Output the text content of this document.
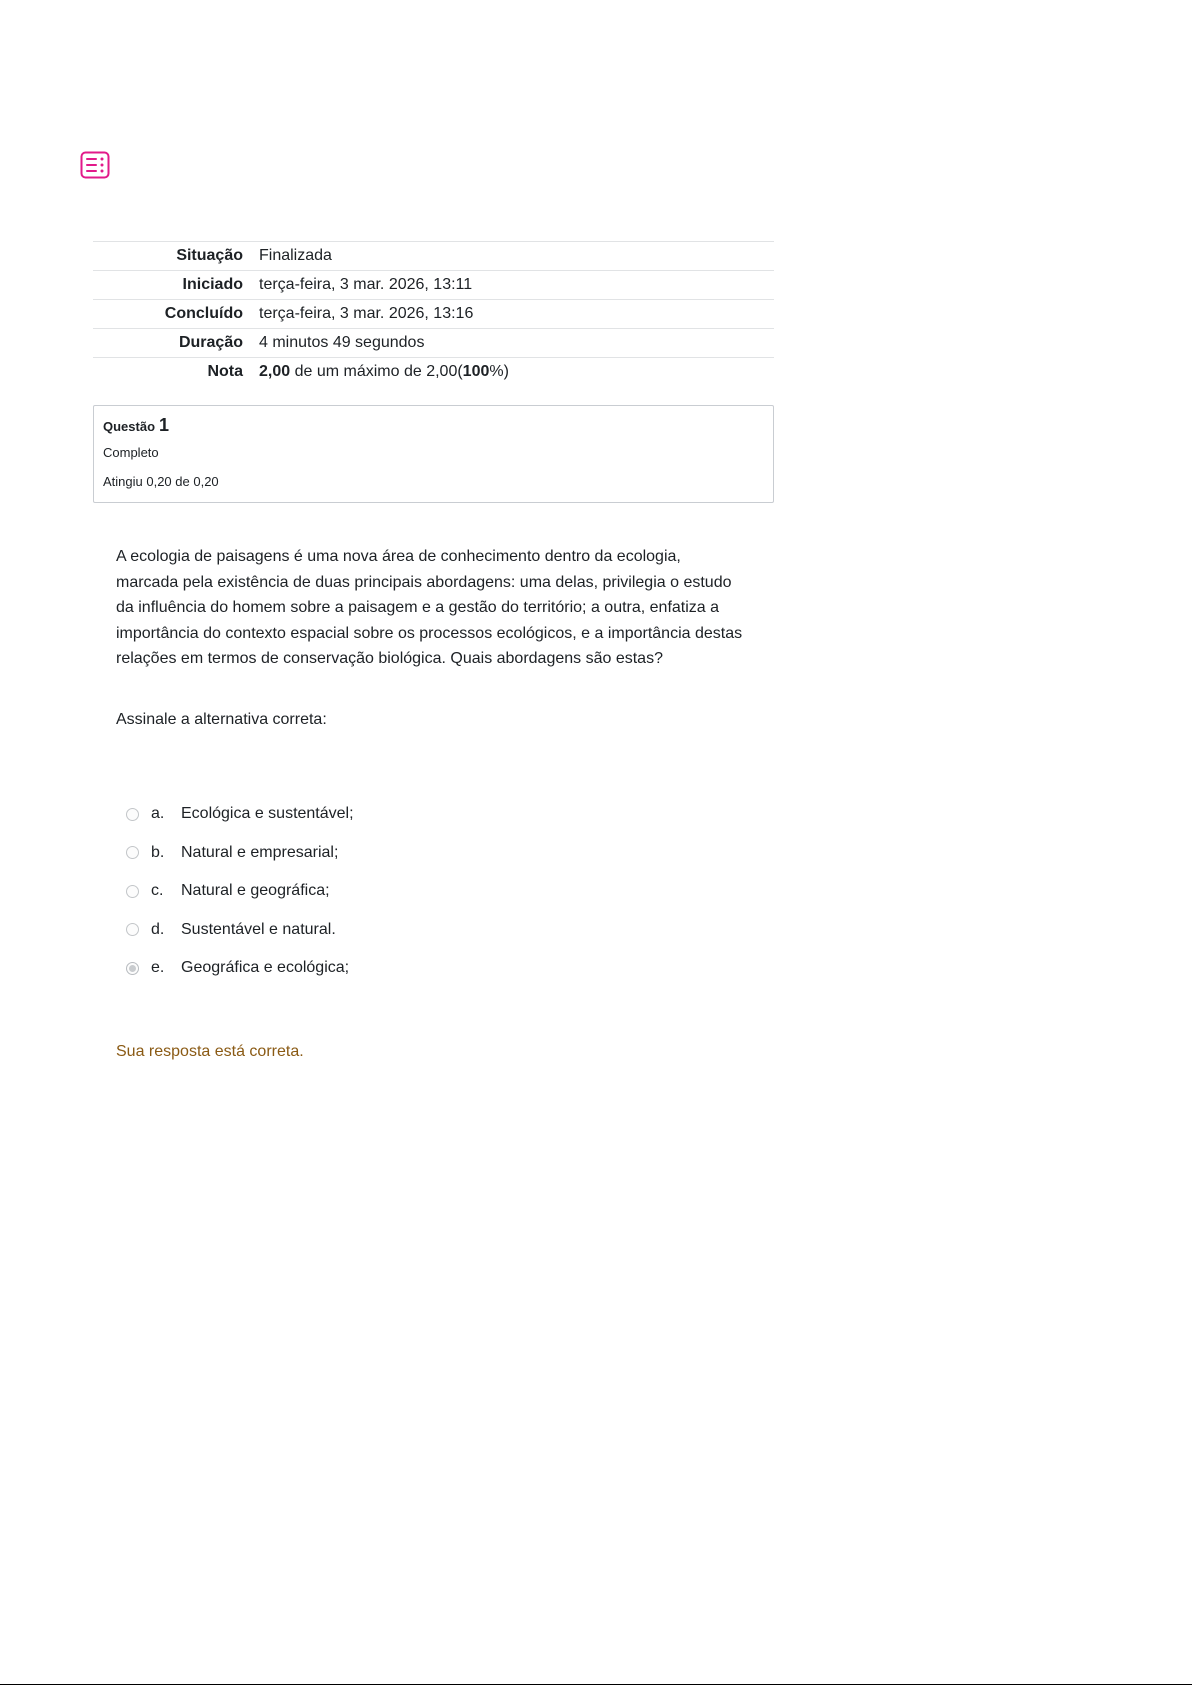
Situação	Finalizada
Iniciado	terça-feira, 3 mar. 2026, 13:11
Concluído	terça-feira, 3 mar. 2026, 13:16
Duração	4 minutos 49 segundos
Nota	2,00 de um máximo de 2,00(100%)
Questão 1
Completo
Atingiu 0,20 de 0,20

A ecologia de paisagens é uma nova área de conhecimento dentro da ecologia, marcada pela existência de duas principais abordagens: uma delas, privilegia o estudo da influência do homem sobre a paisagem e a gestão do território; a outra, enfatiza a importância do contexto espacial sobre os processos ecológicos, e a importância destas relações em termos de conservação biológica. Quais abordagens são estas?

Assinale a alternativa correta:

a.	Ecológica e sustentável;
b.	Natural e empresarial;
c.	Natural e geográfica;
d.	Sustentável e natural.
e.	Geográfica e ecológica;

Sua resposta está correta.
